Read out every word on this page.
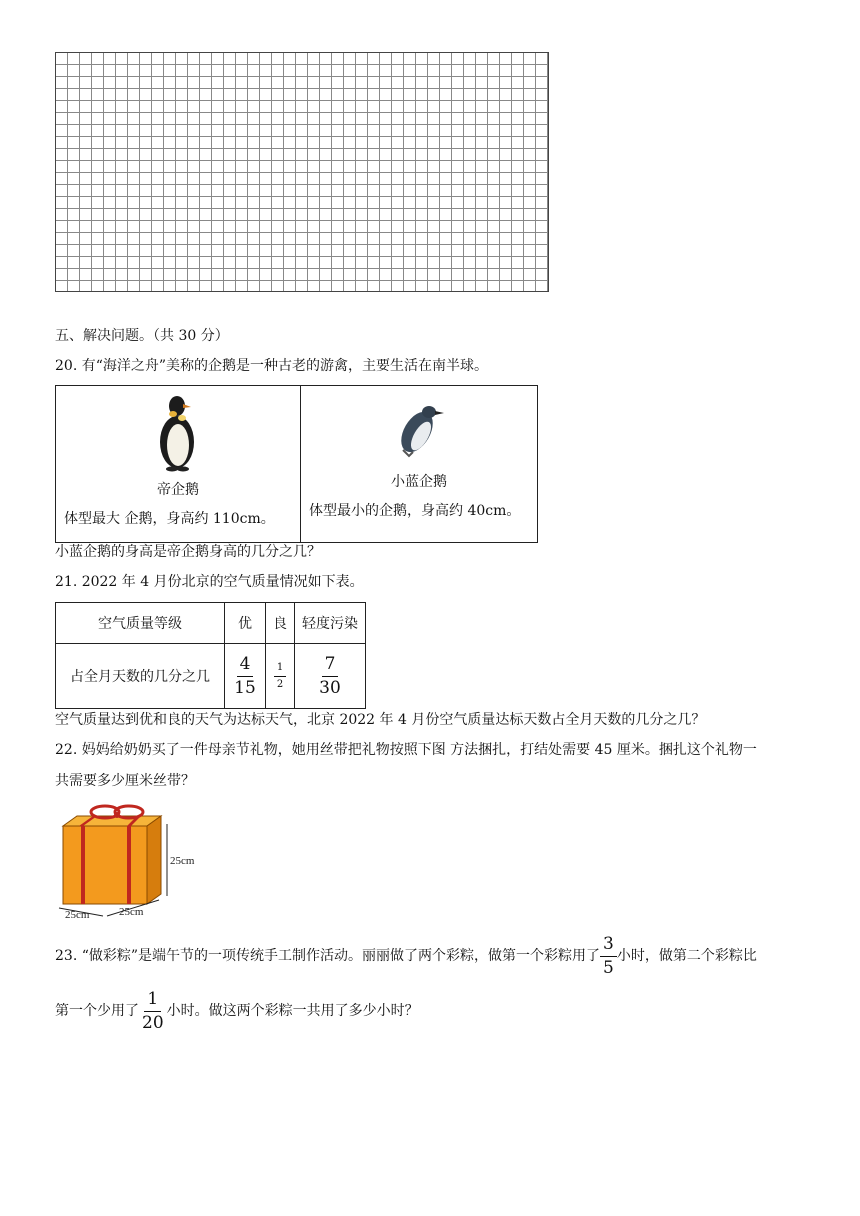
五、解决问题。（共 30 分）
20. 有“海洋之舟”美称的企鹅是一种古老的游禽，主要生活在南半球。
帝企鹅
体型最大 企鹅，身高约 110cm。
小蓝企鹅
体型最小的企鹅，身高约 40cm。
小蓝企鹅的身高是帝企鹅身高的几分之几？
21. 2022 年 4 月份北京的空气质量情况如下表。
空气质量等级	优	良	轻度污染
占全月天数的几分之几	$\frac{4}{15}$	$\frac{1}{2}$	$\frac{7}{30}$
空气质量达到优和良的天气为达标天气，北京 2022 年 4 月份空气质量达标天数占全月天数的几分之几？
22. 妈妈给奶奶买了一件母亲节礼物，她用丝带把礼物按照下图 方法捆扎，打结处需要 45 厘米。捆扎这个礼物一
共需要多少厘米丝带？
25cm
25cm	25cm
23. “做彩粽”是端午节的一项传统手工制作活动。丽丽做了两个彩粽，做第一个彩粽用了 $\frac{3}{5}$ 小时，做第二个彩粽比
第一个少用了 $\frac{1}{20}$ 小时。做这两个彩粽一共用了多少小时？
